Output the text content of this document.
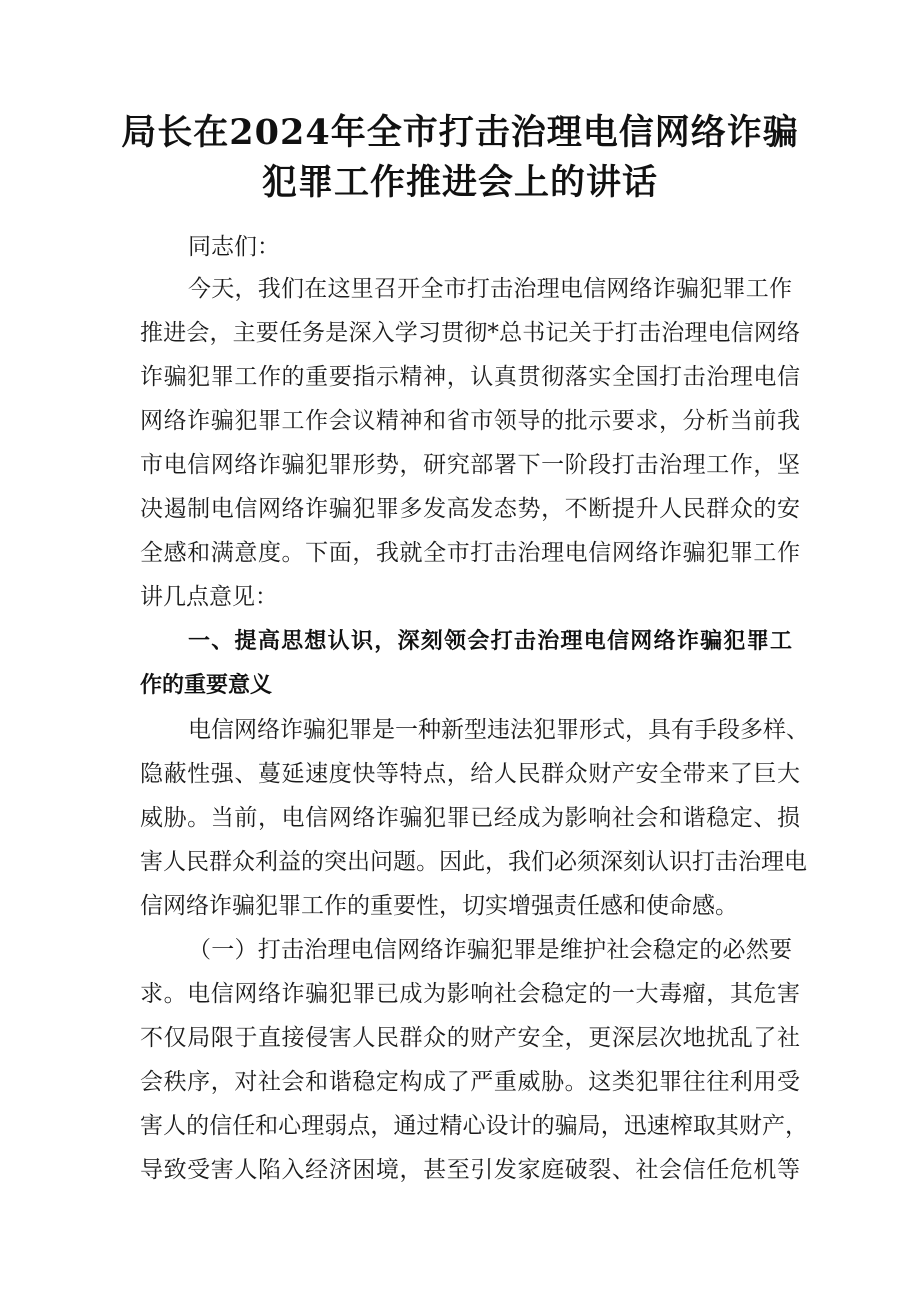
局长在2024年全市打击治理电信网络诈骗
犯罪工作推进会上的讲话

同志们：

今天，我们在这里召开全市打击治理电信网络诈骗犯罪工作

推进会，主要任务是深入学习贯彻*总书记关于打击治理电信网络

诈骗犯罪工作的重要指示精神，认真贯彻落实全国打击治理电信

网络诈骗犯罪工作会议精神和省市领导的批示要求，分析当前我

市电信网络诈骗犯罪形势，研究部署下一阶段打击治理工作，坚

决遏制电信网络诈骗犯罪多发高发态势，不断提升人民群众的安

全感和满意度。下面，我就全市打击治理电信网络诈骗犯罪工作

讲几点意见：

一、提高思想认识，深刻领会打击治理电信网络诈骗犯罪工

作的重要意义

电信网络诈骗犯罪是一种新型违法犯罪形式，具有手段多样、

隐蔽性强、蔓延速度快等特点，给人民群众财产安全带来了巨大

威胁。当前，电信网络诈骗犯罪已经成为影响社会和谐稳定、损

害人民群众利益的突出问题。因此，我们必须深刻认识打击治理电

信网络诈骗犯罪工作的重要性，切实增强责任感和使命感。

（一）打击治理电信网络诈骗犯罪是维护社会稳定的必然要

求。电信网络诈骗犯罪已成为影响社会稳定的一大毒瘤，其危害

不仅局限于直接侵害人民群众的财产安全，更深层次地扰乱了社

会秩序，对社会和谐稳定构成了严重威胁。这类犯罪往往利用受

害人的信任和心理弱点，通过精心设计的骗局，迅速榨取其财产，

导致受害人陷入经济困境，甚至引发家庭破裂、社会信任危机等
